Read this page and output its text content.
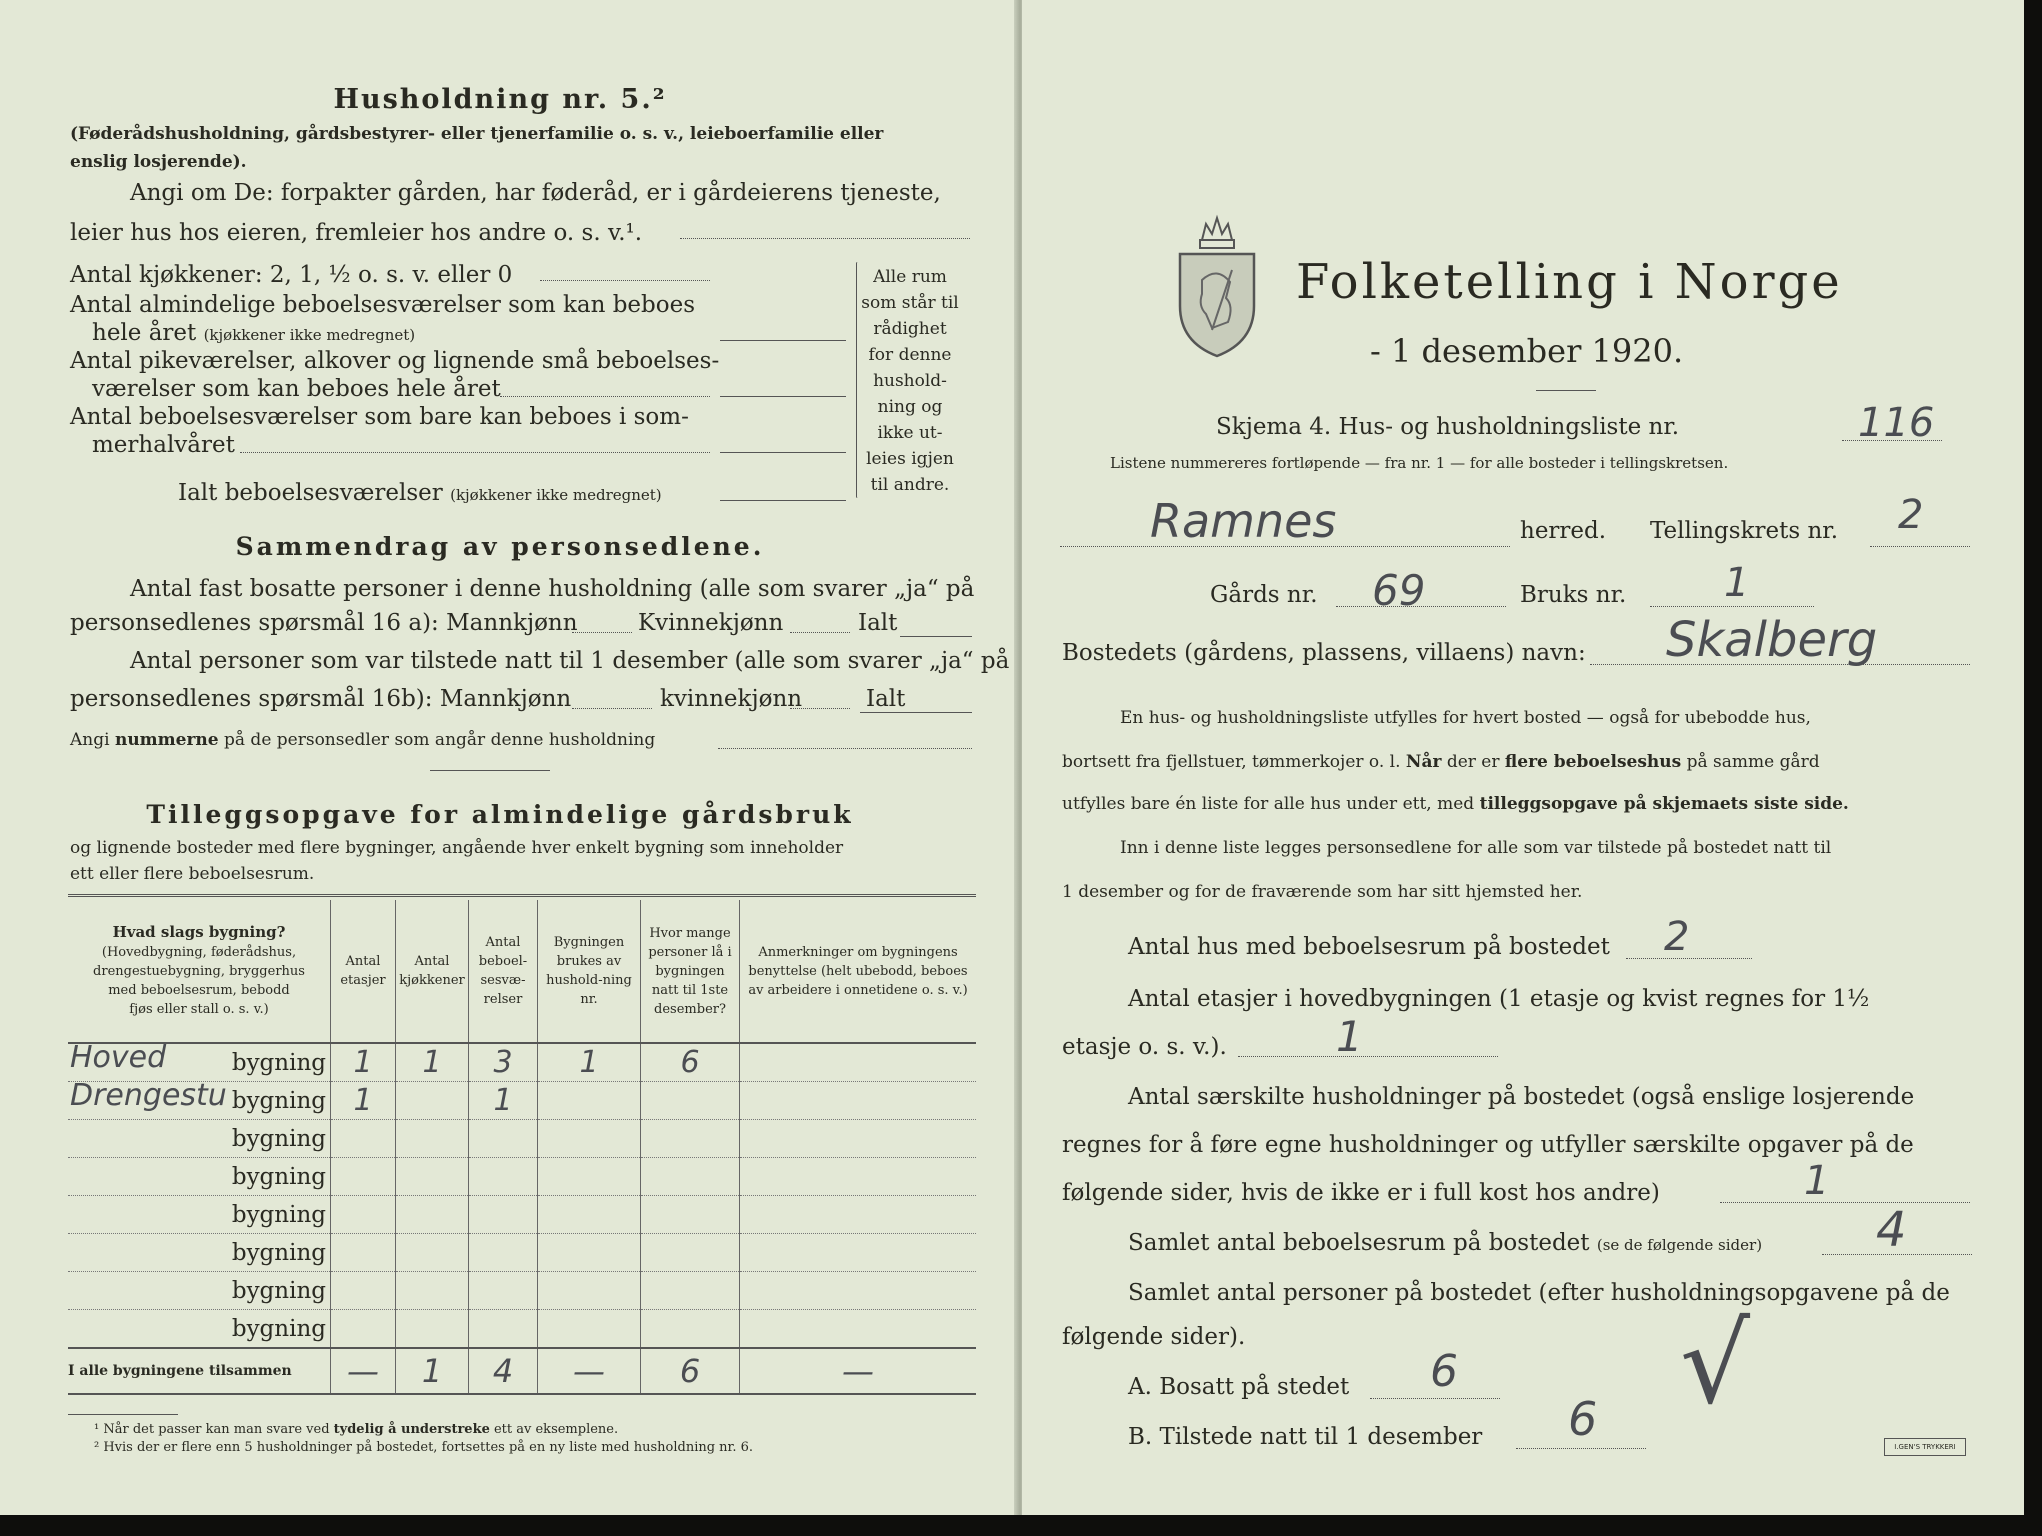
Husholdning nr. 5.²
(Føderådshusholdning, gårdsbestyrer- eller tjenerfamilie o. s. v., leieboerfamilie eller
enslig losjerende).
Angi om De: forpakter gården, har føderåd, er i gårdeierens tjeneste,
leier hus hos eieren, fremleier hos andre o. s. v.¹.
Antal kjøkkener: 2, 1, ½ o. s. v. eller 0
Antal almindelige beboelsesværelser som kan beboes
hele året (kjøkkener ikke medregnet)
Antal pikeværelser, alkover og lignende små beboelses-
værelser som kan beboes hele året
Antal beboelsesværelser som bare kan beboes i som-
merhalvåret
Ialt beboelsesværelser (kjøkkener ikke medregnet)
Alle rum
som står til
rådighet
for denne
hushold-
ning og
ikke ut-
leies igjen
til andre.
Sammendrag av personsedlene.
Antal fast bosatte personer i denne husholdning (alle som svarer „ja“ på
personsedlenes spørsmål 16 a): Mannkjønn	Kvinnekjønn	Ialt
Antal personer som var tilstede natt til 1 desember (alle som svarer „ja“ på
personsedlenes spørsmål 16b): Mannkjønn	kvinnekjønn	Ialt
Angi nummerne på de personsedler som angår denne husholdning
Tilleggsopgave for almindelige gårdsbruk
og lignende bosteder med flere bygninger, angående hver enkelt bygning som inneholder
ett eller flere beboelsesrum.
Hvad slags bygning?
(Hovedbygning, føderådshus,
drengestuebygning, bryggerhus
med beboelsesrum, bebodd
fjøs eller stall o. s. v.)	Antal etasjer	Antal kjøkkener	Antal beboel-sesvæ-relser	Bygningen brukes av hushold-ning nr.	Hvor mange personer lå i bygningen natt til 1ste desember?	Anmerkninger om bygningens benyttelse (helt ubebodd, beboes av arbeidere i onnetidene o. s. v.)

Hoved bygning	1	1	3	1	6	

Drengestu bygning	1		1			

bygning						

bygning						

bygning						

bygning						

bygning						

bygning						
I alle bygningene tilsammen	—	1	4	—	6	—
¹ Når det passer kan man svare ved tydelig å understreke ett av eksemplene.
² Hvis der er flere enn 5 husholdninger på bostedet, fortsettes på en ny liste med husholdning nr. 6.
Folketelling i Norge
- 1 desember 1920.
Skjema 4. Hus- og husholdningsliste nr.	116
Listene nummereres fortløpende — fra nr. 1 — for alle bosteder i tellingskretsen.
Ramnes	herred. Tellingskrets nr. 2
Gårds nr. 69	Bruks nr. 1
Bostedets (gårdens, plassens, villaens) navn: Skalberg
En hus- og husholdningsliste utfylles for hvert bosted — også for ubebodde hus,
bortsett fra fjellstuer, tømmerkojer o. l. Når der er flere beboelseshus på samme gård
utfylles bare én liste for alle hus under ett, med tilleggsopgave på skjemaets siste side.
Inn i denne liste legges personsedlene for alle som var tilstede på bostedet natt til
1 desember og for de fraværende som har sitt hjemsted her.
Antal hus med beboelsesrum på bostedet 2
Antal etasjer i hovedbygningen (1 etasje og kvist regnes for 1½
etasje o. s. v.).	1
Antal særskilte husholdninger på bostedet (også enslige losjerende
regnes for å føre egne husholdninger og utfyller særskilte opgaver på de
følgende sider, hvis de ikke er i full kost hos andre)	1
Samlet antal beboelsesrum på bostedet (se de følgende sider) 4
Samlet antal personer på bostedet (efter husholdningsopgavene på de
følgende sider).
A. Bosatt på stedet 6
B. Tilstede natt til 1 desember 6 √
I.GEN'S TRYKKERI
